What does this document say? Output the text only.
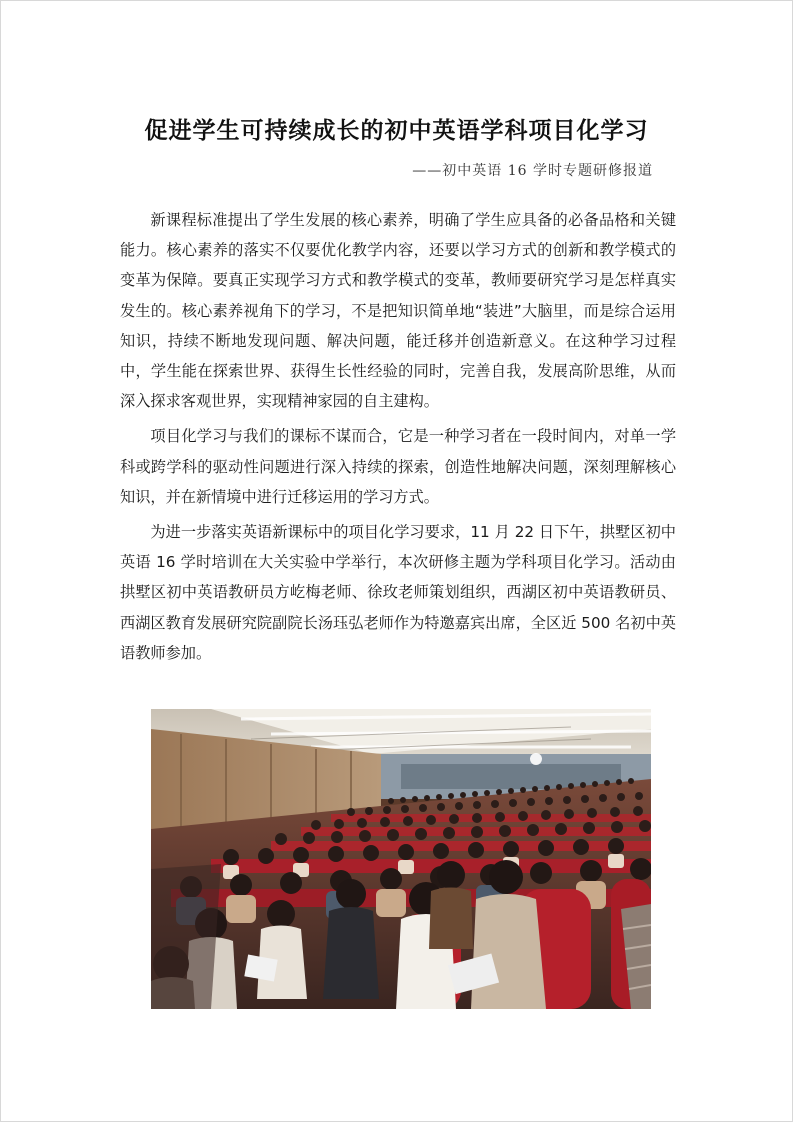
促进学生可持续成长的初中英语学科项目化学习
——初中英语 16 学时专题研修报道

新课程标准提出了学生发展的核心素养，明确了学生应具备的必备品格和关键能力。核心素养的落实不仅要优化教学内容，还要以学习方式的创新和教学模式的变革为保障。要真正实现学习方式和教学模式的变革，教师要研究学习是怎样真实发生的。核心素养视角下的学习，不是把知识简单地“装进”大脑里，而是综合运用知识，持续不断地发现问题、解决问题，能迁移并创造新意义。在这种学习过程中，学生能在探索世界、获得生长性经验的同时，完善自我，发展高阶思维，从而深入探求客观世界，实现精神家园的自主建构。

项目化学习与我们的课标不谋而合，它是一种学习者在一段时间内，对单一学科或跨学科的驱动性问题进行深入持续的探索，创造性地解决问题，深刻理解核心知识，并在新情境中进行迁移运用的学习方式。

为进一步落实英语新课标中的项目化学习要求，11 月 22 日下午，拱墅区初中英语 16 学时培训在大关实验中学举行，本次研修主题为学科项目化学习。活动由拱墅区初中英语教研员方屹梅老师、徐玫老师策划组织，西湖区初中英语教研员、西湖区教育发展研究院副院长汤珏弘老师作为特邀嘉宾出席，全区近 500 名初中英语教师参加。
